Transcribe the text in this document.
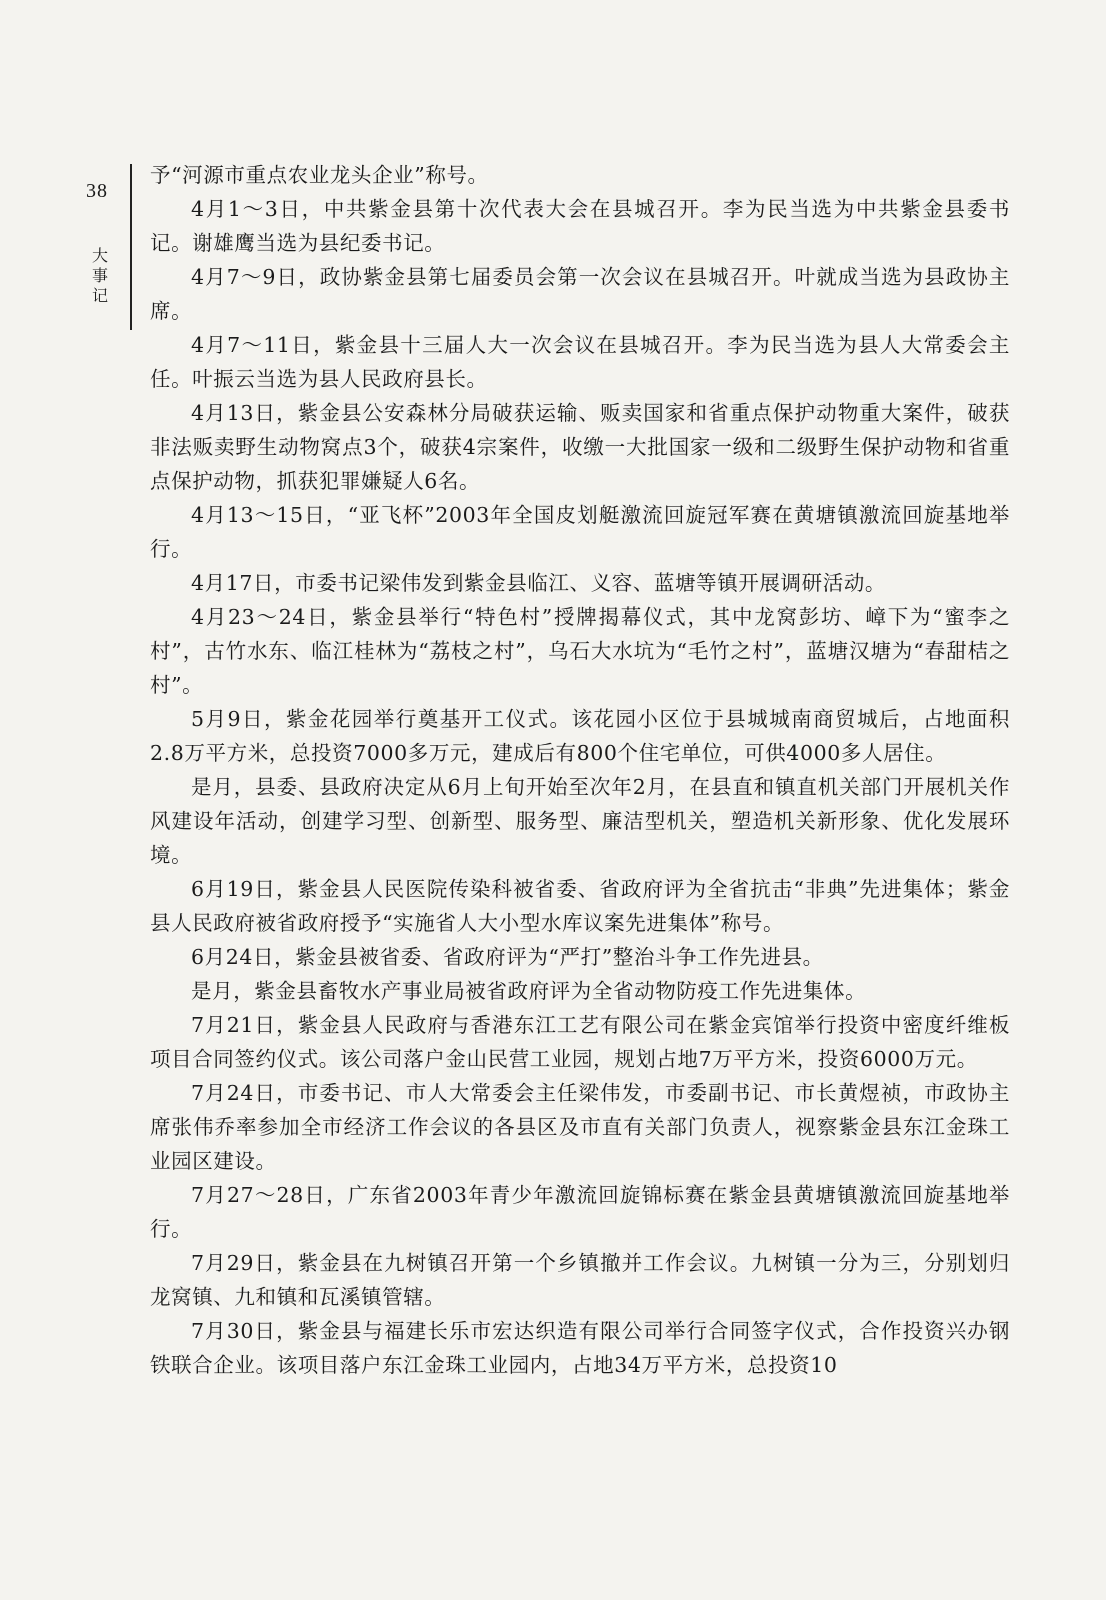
38
大事记

予“河源市重点农业龙头企业”称号。

4月1～3日，中共紫金县第十次代表大会在县城召开。李为民当选为中共紫金县委书记。谢雄鹰当选为县纪委书记。

4月7～9日，政协紫金县第七届委员会第一次会议在县城召开。叶就成当选为县政协主席。

4月7～11日，紫金县十三届人大一次会议在县城召开。李为民当选为县人大常委会主任。叶振云当选为县人民政府县长。

4月13日，紫金县公安森林分局破获运输、贩卖国家和省重点保护动物重大案件，破获非法贩卖野生动物窝点3个，破获4宗案件，收缴一大批国家一级和二级野生保护动物和省重点保护动物，抓获犯罪嫌疑人6名。

4月13～15日，“亚飞杯”2003年全国皮划艇激流回旋冠军赛在黄塘镇激流回旋基地举行。

4月17日，市委书记梁伟发到紫金县临江、义容、蓝塘等镇开展调研活动。

4月23～24日，紫金县举行“特色村”授牌揭幕仪式，其中龙窝彭坊、嶂下为“蜜李之村”，古竹水东、临江桂林为“荔枝之村”，乌石大水坑为“毛竹之村”，蓝塘汉塘为“春甜桔之村”。

5月9日，紫金花园举行奠基开工仪式。该花园小区位于县城城南商贸城后，占地面积2.8万平方米，总投资7000多万元，建成后有800个住宅单位，可供4000多人居住。

是月，县委、县政府决定从6月上旬开始至次年2月，在县直和镇直机关部门开展机关作风建设年活动，创建学习型、创新型、服务型、廉洁型机关，塑造机关新形象、优化发展环境。

6月19日，紫金县人民医院传染科被省委、省政府评为全省抗击“非典”先进集体；紫金县人民政府被省政府授予“实施省人大小型水库议案先进集体”称号。

6月24日，紫金县被省委、省政府评为“严打”整治斗争工作先进县。

是月，紫金县畜牧水产事业局被省政府评为全省动物防疫工作先进集体。

7月21日，紫金县人民政府与香港东江工艺有限公司在紫金宾馆举行投资中密度纤维板项目合同签约仪式。该公司落户金山民营工业园，规划占地7万平方米，投资6000万元。

7月24日，市委书记、市人大常委会主任梁伟发，市委副书记、市长黄煜祯，市政协主席张伟乔率参加全市经济工作会议的各县区及市直有关部门负责人，视察紫金县东江金珠工业园区建设。

7月27～28日，广东省2003年青少年激流回旋锦标赛在紫金县黄塘镇激流回旋基地举行。

7月29日，紫金县在九树镇召开第一个乡镇撤并工作会议。九树镇一分为三，分别划归龙窝镇、九和镇和瓦溪镇管辖。

7月30日，紫金县与福建长乐市宏达织造有限公司举行合同签字仪式，合作投资兴办钢铁联合企业。该项目落户东江金珠工业园内，占地34万平方米，总投资10
